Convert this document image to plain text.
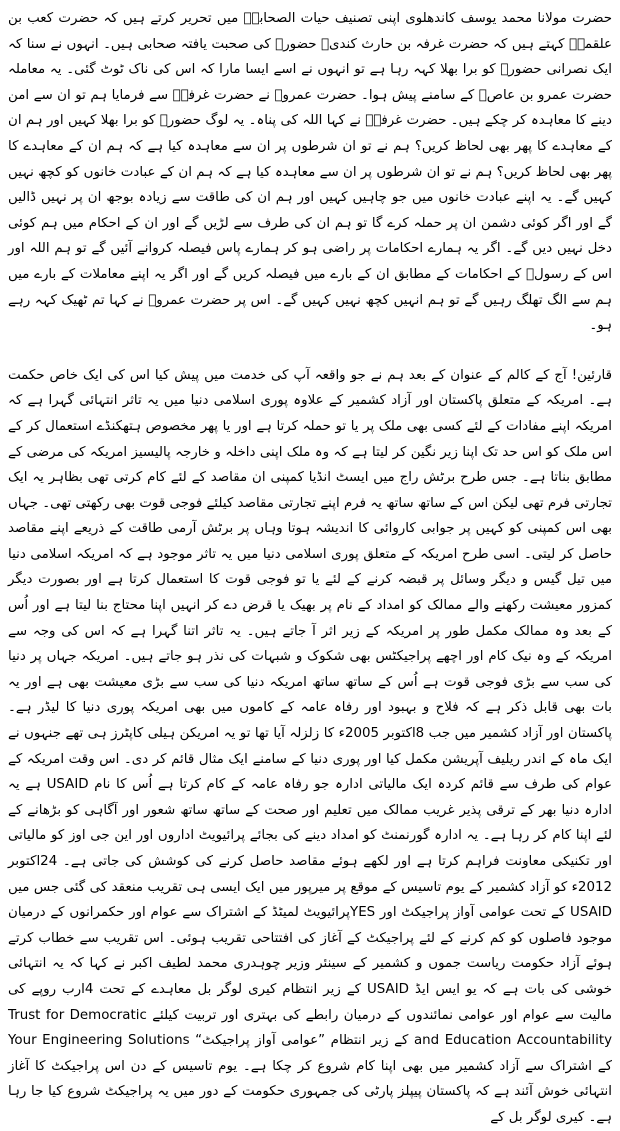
حضرت مولانا محمد یوسف کاندھلوی اپنی تصنیف حیات الصحابہؓ میں تحریر کرتے ہیں کہ حضرت کعب بن علقمہؒ کہتے ہیں کہ حضرت غرفہ بن حارث کندیؓ حضورﷺ کی صحبت یافتہ صحابی ہیں۔ انہوں نے سنا کہ ایک نصرانی حضورﷺ کو برا بھلا کہہ رہا ہے تو انہوں نے اسے ایسا مارا کہ اس کی ناک ٹوٹ گئی۔ یہ معاملہ حضرت عمرو بن عاصؓ کے سامنے پیش ہوا۔ حضرت عمروؓ نے حضرت غرفہؓ سے فرمایا ہم تو ان سے امن دینے کا معاہدہ کر چکے ہیں۔ حضرت غرفہؓ نے کہا اللہ کی پناہ۔ یہ لوگ حضورﷺ کو برا بھلا کہیں اور ہم ان کے معاہدے کا پھر بھی لحاظ کریں؟ ہم نے تو ان شرطوں پر ان سے معاہدہ کیا ہے کہ ہم ان کے معاہدے کا پھر بھی لحاظ کریں؟ ہم نے تو ان شرطوں پر ان سے معاہدہ کیا ہے کہ ہم ان کے عبادت خانوں کو کچھ نہیں کہیں گے۔ یہ اپنے عبادت خانوں میں جو چاہیں کہیں اور ہم ان کی طاقت سے زیادہ بوجھ ان پر نہیں ڈالیں گے اور اگر کوئی دشمن ان پر حملہ کرے گا تو ہم ان کی طرف سے لڑیں گے اور ان کے احکام میں ہم کوئی دخل نہیں دیں گے۔ اگر یہ ہمارے احکامات پر راضی ہو کر ہمارے پاس فیصلہ کروانے آئیں گے تو ہم اللہ اور اس کے رسولﷺ کے احکامات کے مطابق ان کے بارے میں فیصلہ کریں گے اور اگر یہ اپنے معاملات کے بارے میں ہم سے الگ تھلگ رہیں گے تو ہم انہیں کچھ نہیں کہیں گے۔ اس پر حضرت عمروؓ نے کہا تم ٹھیک کہہ رہے ہو۔

قارئین! آج کے کالم کے عنوان کے بعد ہم نے جو واقعہ آپ کی خدمت میں پیش کیا اس کی ایک خاص حکمت ہے۔ امریکہ کے متعلق پاکستان اور آزاد کشمیر کے علاوہ پوری اسلامی دنیا میں یہ تاثر انتہائی گہرا ہے کہ امریکہ اپنے مفادات کے لئے کسی بھی ملک پر یا تو حملہ کرتا ہے اور یا پھر مخصوص ہتھکنڈے استعمال کر کے اس ملک کو اس حد تک اپنا زیر نگین کر لیتا ہے کہ وہ ملک اپنی داخلہ و خارجہ پالیسیز امریکہ کی مرضی کے مطابق بناتا ہے۔ جس طرح برٹش راج میں ایسٹ انڈیا کمپنی ان مقاصد کے لئے کام کرتی تھی بظاہر یہ ایک تجارتی فرم تھی لیکن اس کے ساتھ ساتھ یہ فرم اپنے تجارتی مقاصد کیلئے فوجی قوت بھی رکھتی تھی۔ جہاں بھی اس کمپنی کو کہیں پر جوابی کاروائی کا اندیشہ ہوتا وہاں پر برٹش آرمی طاقت کے ذریعے اپنے مقاصد حاصل کر لیتی۔ اسی طرح امریکہ کے متعلق پوری اسلامی دنیا میں یہ تاثر موجود ہے کہ امریکہ اسلامی دنیا میں تیل گیس و دیگر وسائل پر قبضہ کرنے کے لئے یا تو فوجی قوت کا استعمال کرتا ہے اور بصورت دیگر کمزور معیشت رکھنے والے ممالک کو امداد کے نام پر بھیک یا قرض دے کر انہیں اپنا محتاج بنا لیتا ہے اور اُس کے بعد وہ ممالک مکمل طور پر امریکہ کے زیر اثر آ جاتے ہیں۔ یہ تاثر اتنا گہرا ہے کہ اس کی وجہ سے امریکہ کے وہ نیک کام اور اچھے پراجیکٹس بھی شکوک و شبہات کی نذر ہو جاتے ہیں۔ امریکہ جہاں پر دنیا کی سب سے بڑی فوجی قوت ہے اُس کے ساتھ ساتھ امریکہ دنیا کی سب سے بڑی معیشت بھی ہے اور یہ بات بھی قابل ذکر ہے کہ فلاح و بہبود اور رفاہ عامہ کے کاموں میں بھی امریکہ پوری دنیا کا لیڈر ہے۔ پاکستان اور آزاد کشمیر میں جب 8اکتوبر 2005ء کا زلزلہ آیا تھا تو یہ امریکن ہیلی کاپٹرز ہی تھے جنہوں نے ایک ماہ کے اندر ریلیف آپریشن مکمل کیا اور پوری دنیا کے سامنے ایک مثال قائم کر دی۔ اس وقت امریکہ کے عوام کی طرف سے قائم کردہ ایک مالیاتی ادارہ جو رفاہ عامہ کے کام کرتا ہے اُس کا نام USAID ہے یہ ادارہ دنیا بھر کے ترقی پذیر غریب ممالک میں تعلیم اور صحت کے ساتھ ساتھ شعور اور آگاہی کو بڑھانے کے لئے اپنا کام کر رہا ہے۔ یہ ادارہ گورنمنٹ کو امداد دینے کی بجائے پرائیویٹ اداروں اور این جی اوز کو مالیاتی اور تکنیکی معاونت فراہم کرتا ہے اور لکھے ہوئے مقاصد حاصل کرنے کی کوشش کی جاتی ہے۔ 24اکتوبر 2012ء کو آزاد کشمیر کے یوم تاسیس کے موقع پر میرپور میں ایک ایسی ہی تقریب منعقد کی گئی جس میں USAID کے تحت عوامی آواز پراجیکٹ اور YESپرائیویٹ لمیٹڈ کے اشتراک سے عوام اور حکمرانوں کے درمیان موجود فاصلوں کو کم کرنے کے لئے پراجیکٹ کے آغاز کی افتتاحی تقریب ہوئی۔ اس تقریب سے خطاب کرتے ہوئے آزاد حکومت ریاست جموں و کشمیر کے سینئر وزیر چوہدری محمد لطیف اکبر نے کہا کہ یہ انتہائی خوشی کی بات ہے کہ یو ایس ایڈ USAID کے زیر انتظام کیری لوگر بل معاہدے کے تحت 4ارب روپے کی مالیت سے عوام اور عوامی نمائندوں کے درمیان رابطے کی بہتری اور تربیت کیلئے Trust for Democratic and Education Accountability کے زیر انتظام ”عوامی آواز پراجیکٹ“ Your Engineering Solutions کے اشتراک سے آزاد کشمیر میں بھی اپنا کام شروع کر چکا ہے۔ یوم تاسیس کے دن اس پراجیکٹ کا آغاز انتہائی خوش آئند ہے کہ پاکستان پیپلز پارٹی کی جمہوری حکومت کے دور میں یہ پراجیکٹ شروع کیا جا رہا ہے۔ کیری لوگر بل کے
